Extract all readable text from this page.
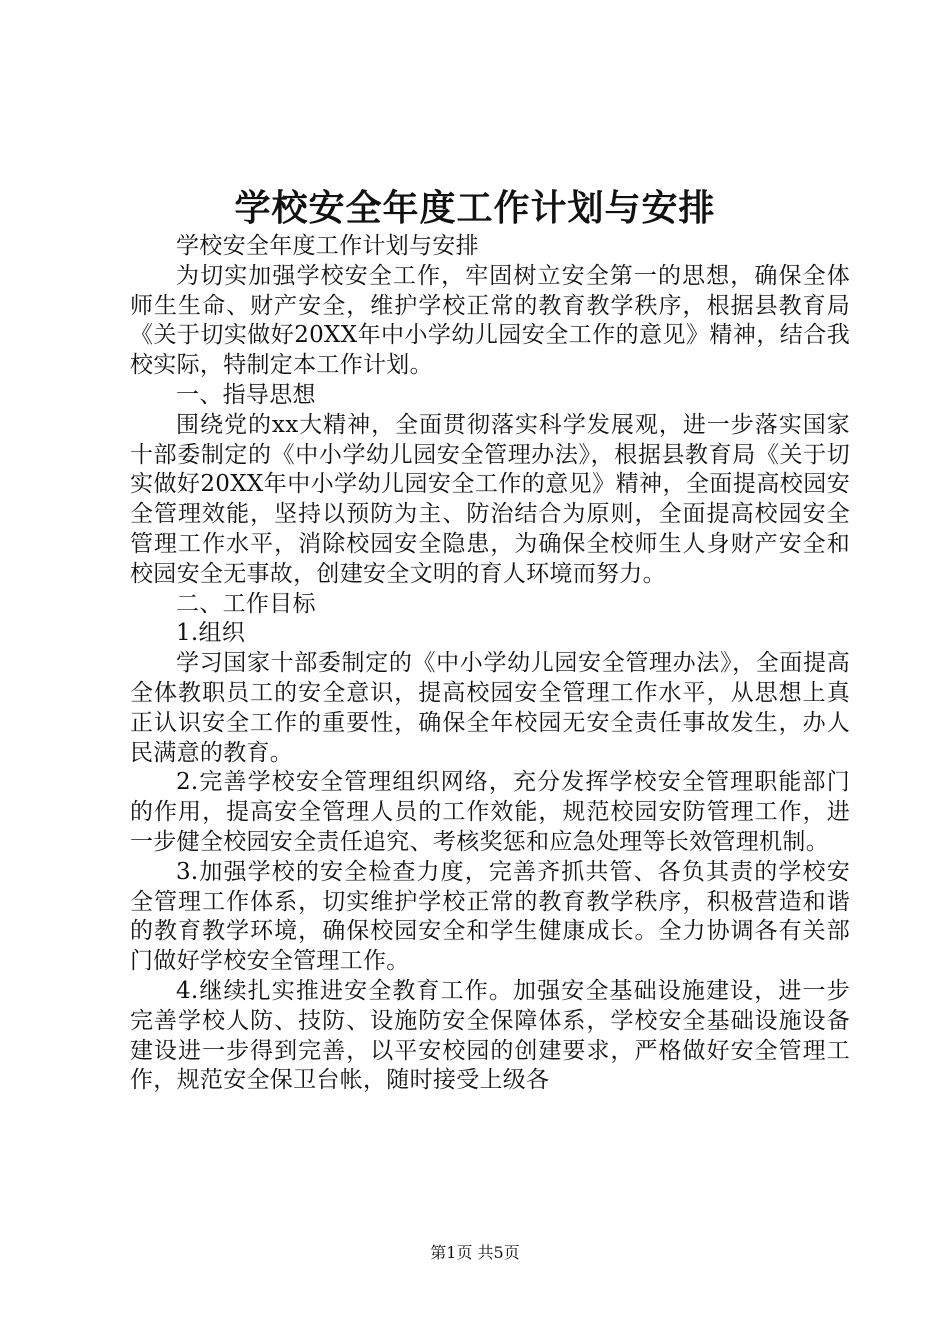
学校安全年度工作计划与安排

学校安全年度工作计划与安排

为切实加强学校安全工作，牢固树立安全第一的思想，确保全体师生生命、财产安全，维护学校正常的教育教学秩序，根据县教育局《关于切实做好20XX年中小学幼儿园安全工作的意见》精神，结合我校实际，特制定本工作计划。

一、指导思想

围绕党的xx大精神，全面贯彻落实科学发展观，进一步落实国家十部委制定的《中小学幼儿园安全管理办法》，根据县教育局《关于切实做好20XX年中小学幼儿园安全工作的意见》精神，全面提高校园安全管理效能，坚持以预防为主、防治结合为原则，全面提高校园安全管理工作水平，消除校园安全隐患，为确保全校师生人身财产安全和校园安全无事故，创建安全文明的育人环境而努力。

二、工作目标

1.组织

学习国家十部委制定的《中小学幼儿园安全管理办法》，全面提高全体教职员工的安全意识，提高校园安全管理工作水平，从思想上真正认识安全工作的重要性，确保全年校园无安全责任事故发生，办人民满意的教育。

2.完善学校安全管理组织网络，充分发挥学校安全管理职能部门的作用，提高安全管理人员的工作效能，规范校园安防管理工作，进一步健全校园安全责任追究、考核奖惩和应急处理等长效管理机制。

3.加强学校的安全检查力度，完善齐抓共管、各负其责的学校安全管理工作体系，切实维护学校正常的教育教学秩序，积极营造和谐的教育教学环境，确保校园安全和学生健康成长。全力协调各有关部门做好学校安全管理工作。

4.继续扎实推进安全教育工作。加强安全基础设施建设，进一步完善学校人防、技防、设施防安全保障体系，学校安全基础设施设备建设进一步得到完善，以平安校园的创建要求，严格做好安全管理工作，规范安全保卫台帐，随时接受上级各

第1页 共5页
